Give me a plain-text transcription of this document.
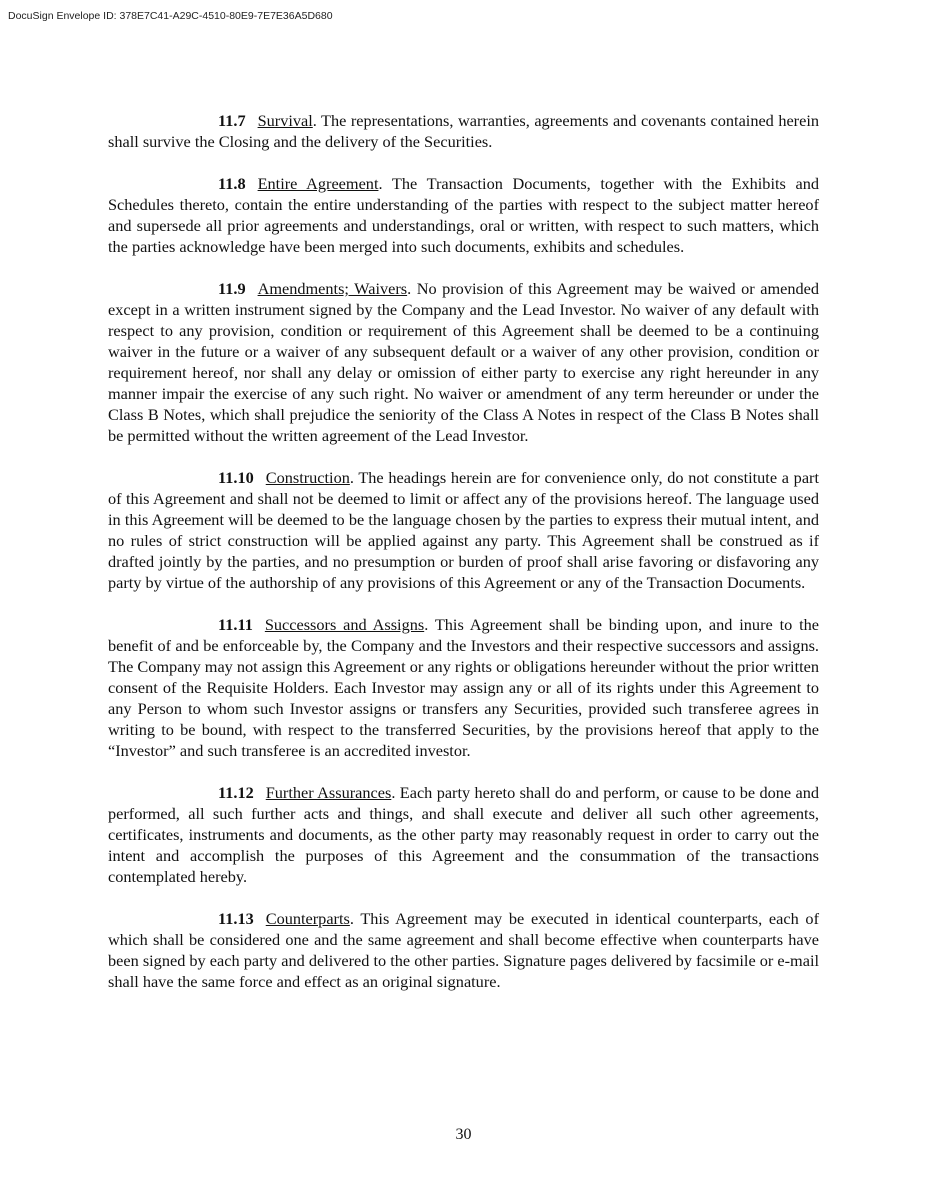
DocuSign Envelope ID: 378E7C41-A29C-4510-80E9-7E7E36A5D680

11.7 Survival. The representations, warranties, agreements and covenants contained herein shall survive the Closing and the delivery of the Securities.

11.8 Entire Agreement. The Transaction Documents, together with the Exhibits and Schedules thereto, contain the entire understanding of the parties with respect to the subject matter hereof and supersede all prior agreements and understandings, oral or written, with respect to such matters, which the parties acknowledge have been merged into such documents, exhibits and schedules.

11.9 Amendments; Waivers. No provision of this Agreement may be waived or amended except in a written instrument signed by the Company and the Lead Investor. No waiver of any default with respect to any provision, condition or requirement of this Agreement shall be deemed to be a continuing waiver in the future or a waiver of any subsequent default or a waiver of any other provision, condition or requirement hereof, nor shall any delay or omission of either party to exercise any right hereunder in any manner impair the exercise of any such right. No waiver or amendment of any term hereunder or under the Class B Notes, which shall prejudice the seniority of the Class A Notes in respect of the Class B Notes shall be permitted without the written agreement of the Lead Investor.

11.10 Construction. The headings herein are for convenience only, do not constitute a part of this Agreement and shall not be deemed to limit or affect any of the provisions hereof. The language used in this Agreement will be deemed to be the language chosen by the parties to express their mutual intent, and no rules of strict construction will be applied against any party. This Agreement shall be construed as if drafted jointly by the parties, and no presumption or burden of proof shall arise favoring or disfavoring any party by virtue of the authorship of any provisions of this Agreement or any of the Transaction Documents.

11.11 Successors and Assigns. This Agreement shall be binding upon, and inure to the benefit of and be enforceable by, the Company and the Investors and their respective successors and assigns. The Company may not assign this Agreement or any rights or obligations hereunder without the prior written consent of the Requisite Holders. Each Investor may assign any or all of its rights under this Agreement to any Person to whom such Investor assigns or transfers any Securities, provided such transferee agrees in writing to be bound, with respect to the transferred Securities, by the provisions hereof that apply to the “Investor” and such transferee is an accredited investor.

11.12 Further Assurances. Each party hereto shall do and perform, or cause to be done and performed, all such further acts and things, and shall execute and deliver all such other agreements, certificates, instruments and documents, as the other party may reasonably request in order to carry out the intent and accomplish the purposes of this Agreement and the consummation of the transactions contemplated hereby.

11.13 Counterparts. This Agreement may be executed in identical counterparts, each of which shall be considered one and the same agreement and shall become effective when counterparts have been signed by each party and delivered to the other parties. Signature pages delivered by facsimile or e-mail shall have the same force and effect as an original signature.

30
